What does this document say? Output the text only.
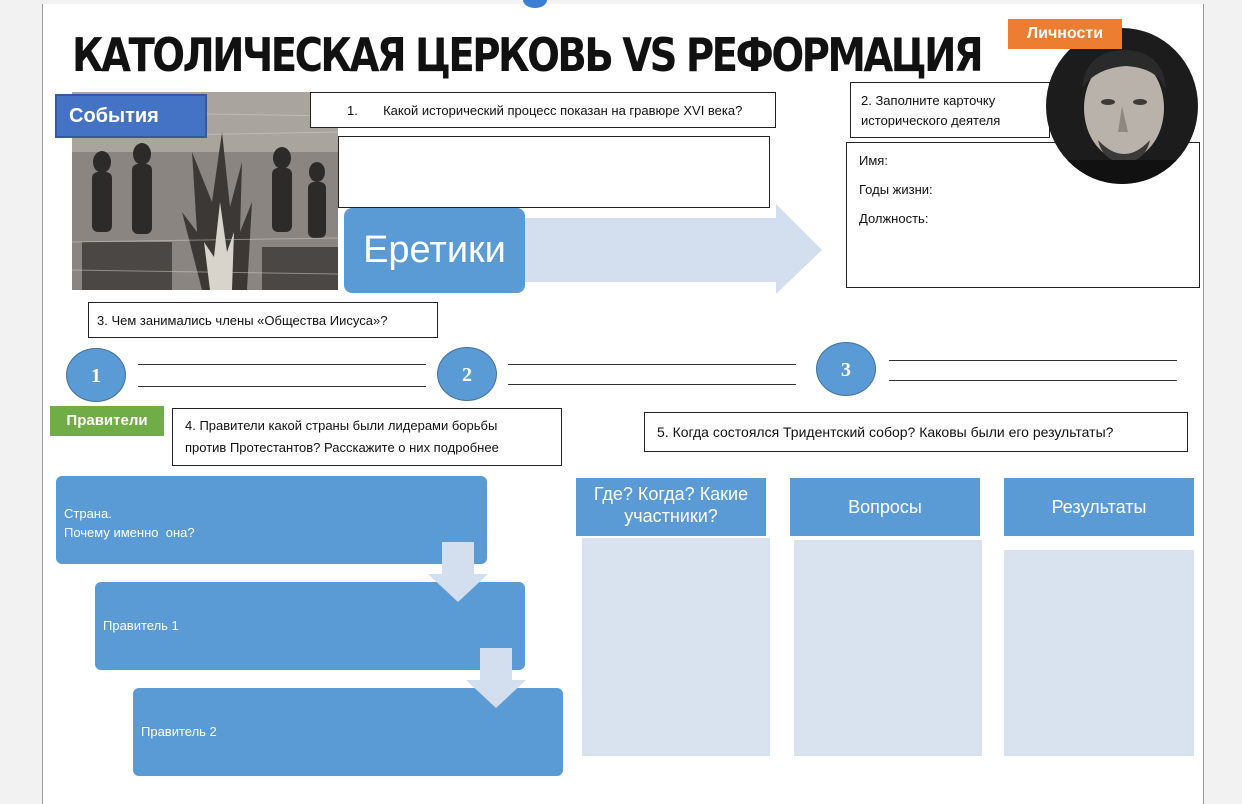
КАТОЛИЧЕСКАЯ ЦЕРКОВЬ VS РЕФОРМАЦИЯ
События	1. Какой исторический процесс показан на гравюре XVI века?
Еретики
2. Заполните карточку
исторического деятеля
Имя:
Годы жизни:
Должность:
Личности
3. Чем занимались члены «Общества Иисуса»?
1	2	3
Правители	4. Правители какой страны были лидерами борьбы
против Протестантов? Расскажите о них подробнее
Страна.
Почему именно  она?
Правитель 1
Правитель 2
5. Когда состоялся Тридентский собор? Каковы были его результаты?
Где? Когда? Какие
участники?	Вопросы	Результаты
